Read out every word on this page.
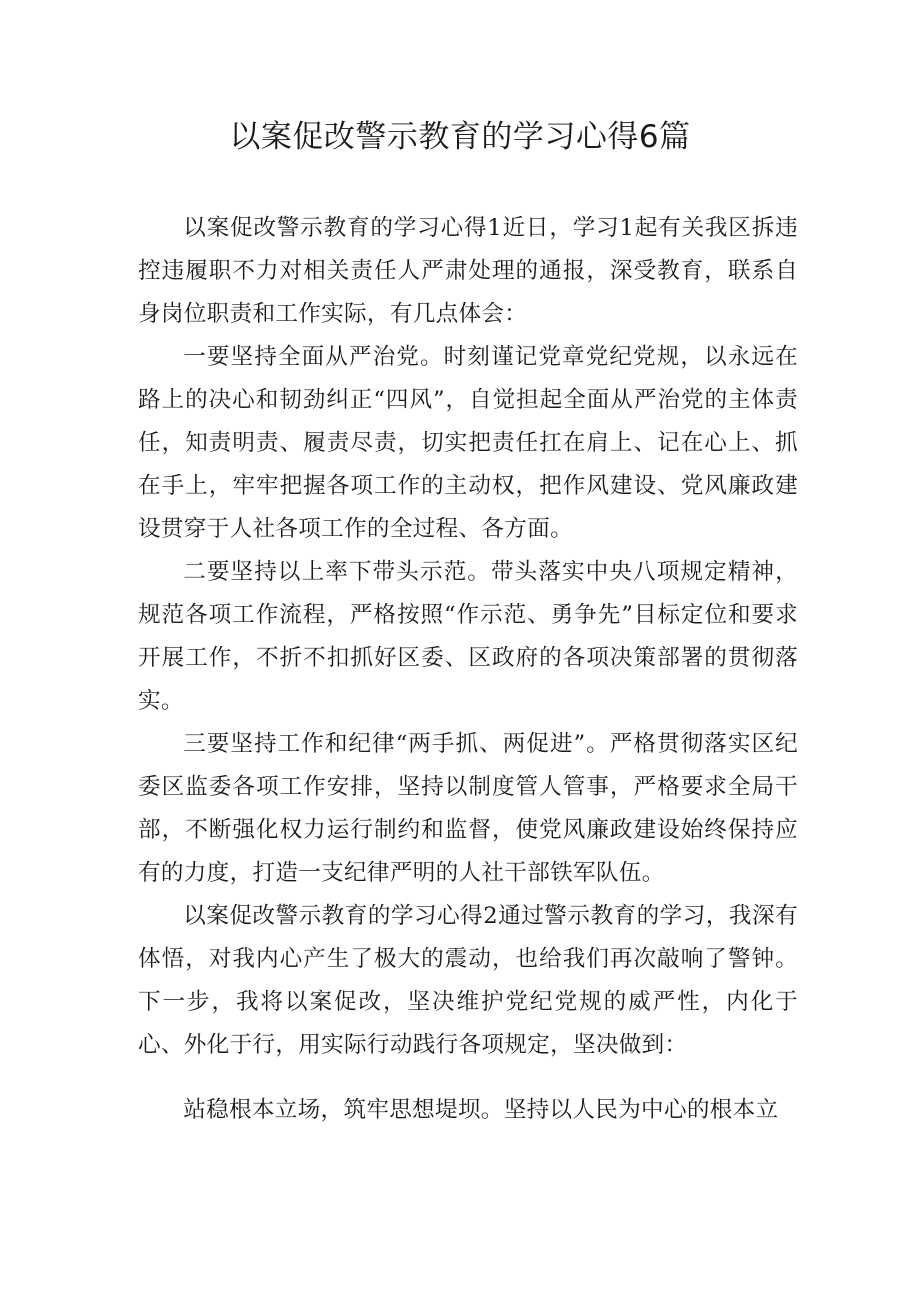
以案促改警示教育的学习心得6篇

以案促改警示教育的学习心得1近日，学习1起有关我区拆违控违履职不力对相关责任人严肃处理的通报，深受教育，联系自身岗位职责和工作实际，有几点体会：

一要坚持全面从严治党。时刻谨记党章党纪党规，以永远在路上的决心和韧劲纠正“四风”，自觉担起全面从严治党的主体责任，知责明责、履责尽责，切实把责任扛在肩上、记在心上、抓在手上，牢牢把握各项工作的主动权，把作风建设、党风廉政建设贯穿于人社各项工作的全过程、各方面。

二要坚持以上率下带头示范。带头落实中央八项规定精神，规范各项工作流程，严格按照“作示范、勇争先”目标定位和要求开展工作，不折不扣抓好区委、区政府的各项决策部署的贯彻落实。

三要坚持工作和纪律“两手抓、两促进”。严格贯彻落实区纪委区监委各项工作安排，坚持以制度管人管事，严格要求全局干部，不断强化权力运行制约和监督，使党风廉政建设始终保持应有的力度，打造一支纪律严明的人社干部铁军队伍。

以案促改警示教育的学习心得2通过警示教育的学习，我深有体悟，对我内心产生了极大的震动，也给我们再次敲响了警钟。下一步，我将以案促改，坚决维护党纪党规的威严性，内化于心、外化于行，用实际行动践行各项规定，坚决做到：

站稳根本立场，筑牢思想堤坝。坚持以人民为中心的根本立
